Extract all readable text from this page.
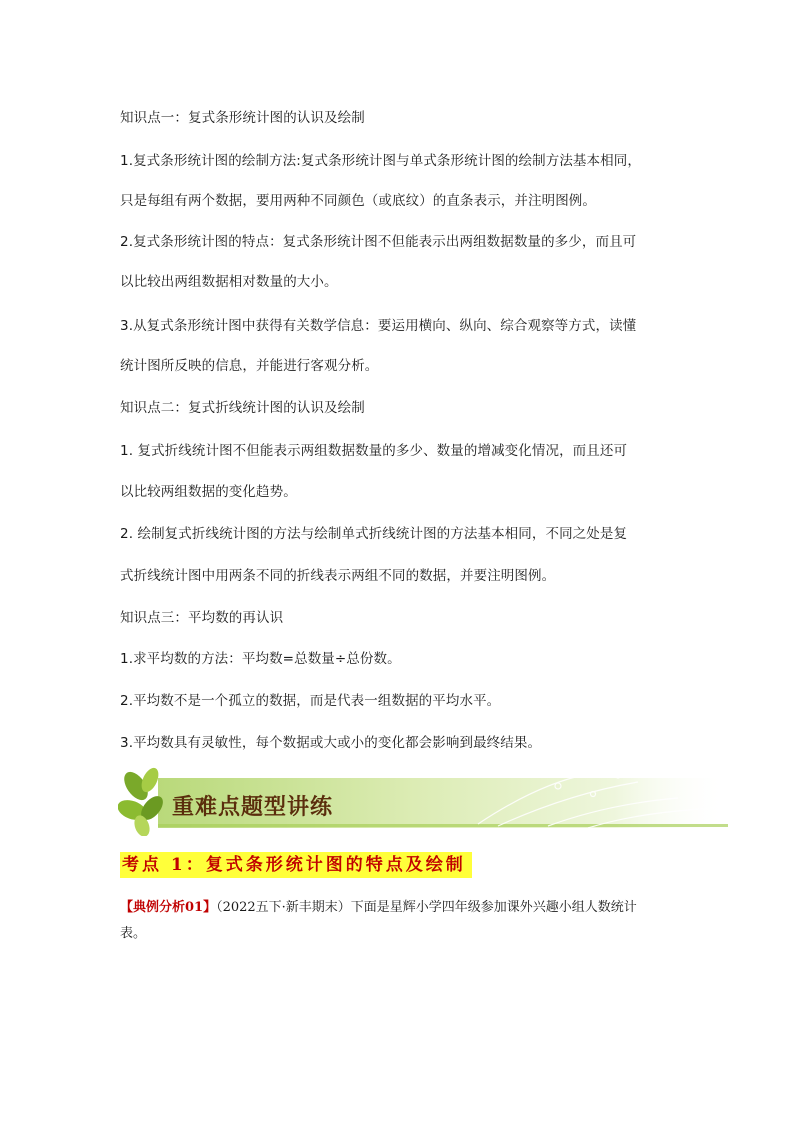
知识点一：复式条形统计图的认识及绘制
1.复式条形统计图的绘制方法:复式条形统计图与单式条形统计图的绘制方法基本相同，
只是每组有两个数据，要用两种不同颜色（或底纹）的直条表示，并注明图例。
2.复式条形统计图的特点：复式条形统计图不但能表示出两组数据数量的多少，而且可
以比较出两组数据相对数量的大小。
3.从复式条形统计图中获得有关数学信息：要运用横向、纵向、综合观察等方式，读懂
统计图所反映的信息，并能进行客观分析。
知识点二：复式折线统计图的认识及绘制
1. 复式折线统计图不但能表示两组数据数量的多少、数量的增减变化情况，而且还可
以比较两组数据的变化趋势。
2. 绘制复式折线统计图的方法与绘制单式折线统计图的方法基本相同，不同之处是复
式折线统计图中用两条不同的折线表示两组不同的数据，并要注明图例。
知识点三：平均数的再认识
1.求平均数的方法：平均数=总数量÷总份数。
2.平均数不是一个孤立的数据，而是代表一组数据的平均水平。
3.平均数具有灵敏性，每个数据或大或小的变化都会影响到最终结果。
重难点题型讲练
考点 1：复式条形统计图的特点及绘制
【典例分析01】（2022五下·新丰期末）下面是星辉小学四年级参加课外兴趣小组人数统计
表。
